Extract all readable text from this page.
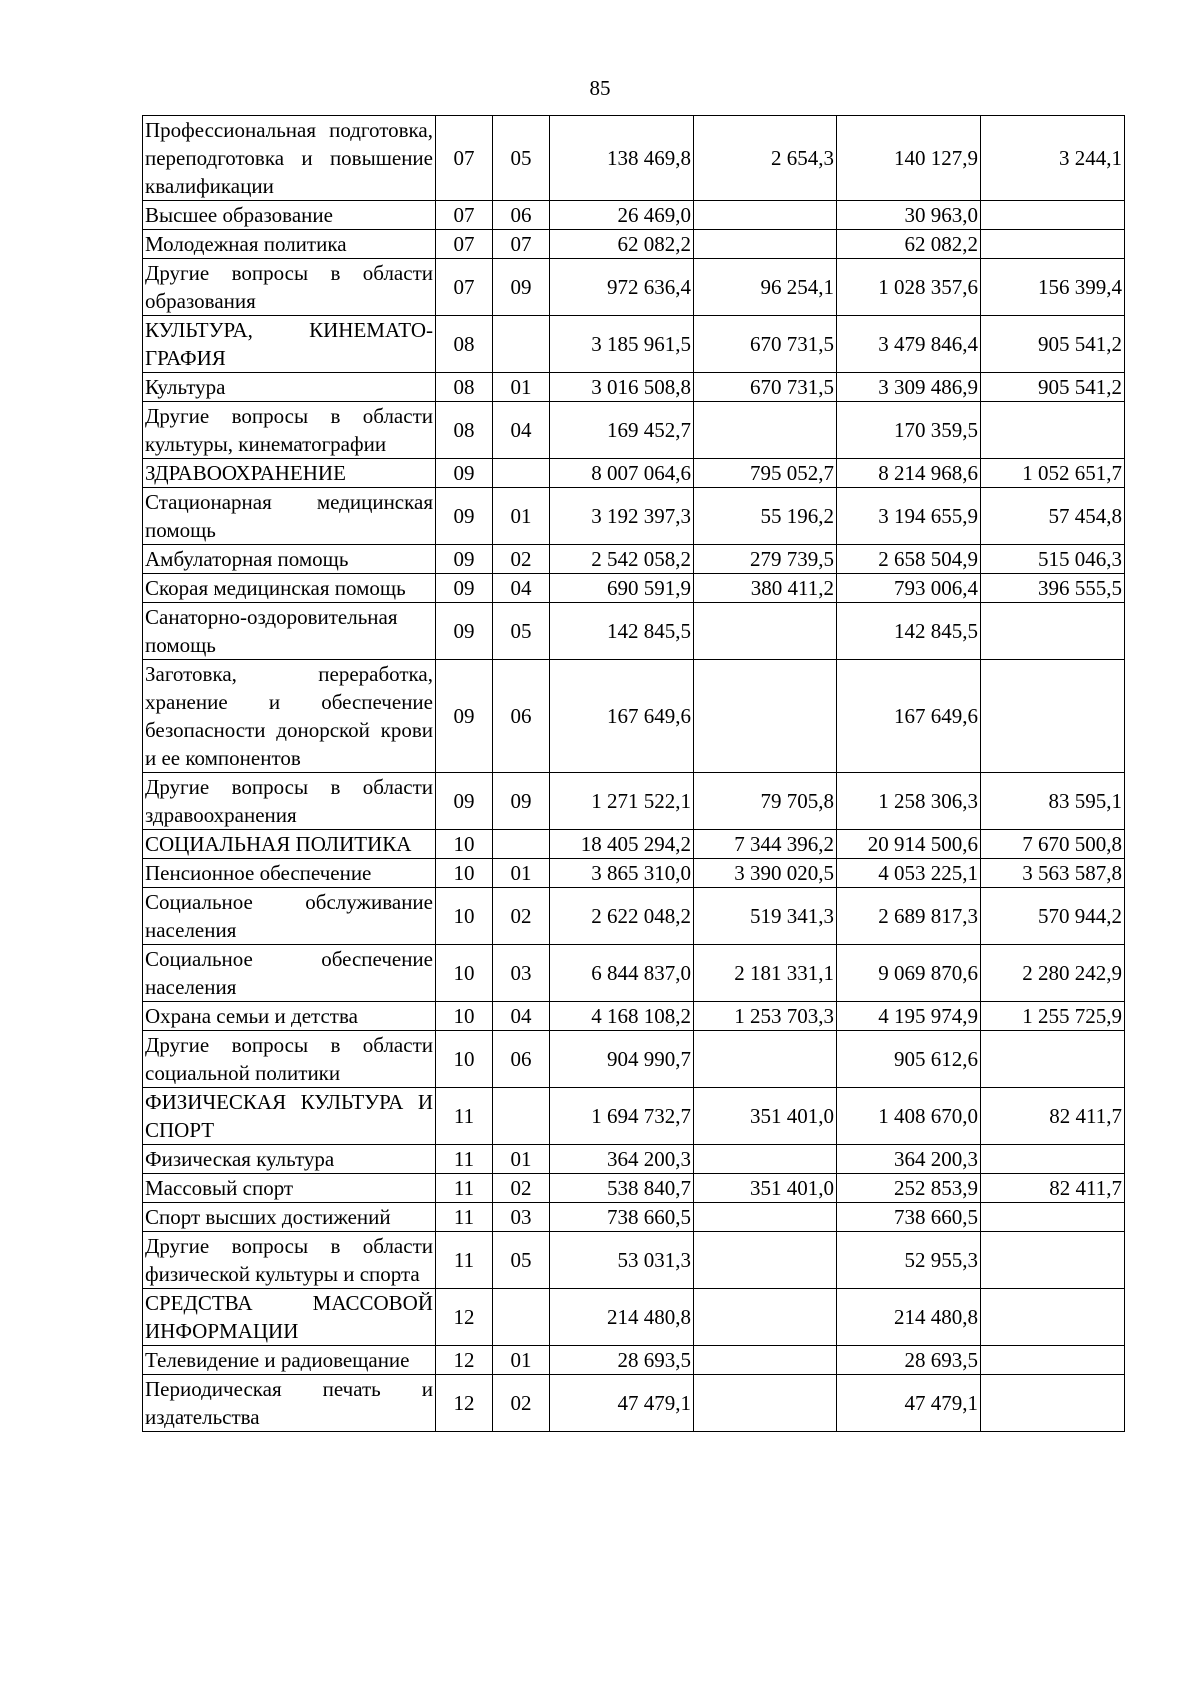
85
Профессиональная подготовка, переподготовка и повышение квалификации	07	05	138 469,8	2 654,3	140 127,9	3 244,1
Высшее образование	07	06	26 469,0		30 963,0	
Молодежная политика	07	07	62 082,2		62 082,2	
Другие вопросы в области образования	07	09	972 636,4	96 254,1	1 028 357,6	156 399,4
КУЛЬТУРА, КИНЕМАТОГРАФИЯ	08		3 185 961,5	670 731,5	3 479 846,4	905 541,2
Культура	08	01	3 016 508,8	670 731,5	3 309 486,9	905 541,2
Другие вопросы в области культуры, кинематографии	08	04	169 452,7		170 359,5	
ЗДРАВООХРАНЕНИЕ	09		8 007 064,6	795 052,7	8 214 968,6	1 052 651,7
Стационарная медицинская помощь	09	01	3 192 397,3	55 196,2	3 194 655,9	57 454,8
Амбулаторная помощь	09	02	2 542 058,2	279 739,5	2 658 504,9	515 046,3
Скорая медицинская помощь	09	04	690 591,9	380 411,2	793 006,4	396 555,5
Санаторно-оздоровительная помощь	09	05	142 845,5		142 845,5	
Заготовка, переработка, хранение и обеспечение безопасности донорской крови и ее компонентов	09	06	167 649,6		167 649,6	
Другие вопросы в области здравоохранения	09	09	1 271 522,1	79 705,8	1 258 306,3	83 595,1
СОЦИАЛЬНАЯ ПОЛИТИКА	10		18 405 294,2	7 344 396,2	20 914 500,6	7 670 500,8
Пенсионное обеспечение	10	01	3 865 310,0	3 390 020,5	4 053 225,1	3 563 587,8
Социальное обслуживание населения	10	02	2 622 048,2	519 341,3	2 689 817,3	570 944,2
Социальное обеспечение населения	10	03	6 844 837,0	2 181 331,1	9 069 870,6	2 280 242,9
Охрана семьи и детства	10	04	4 168 108,2	1 253 703,3	4 195 974,9	1 255 725,9
Другие вопросы в области социальной политики	10	06	904 990,7		905 612,6	
ФИЗИЧЕСКАЯ КУЛЬТУРА И СПОРТ	11		1 694 732,7	351 401,0	1 408 670,0	82 411,7
Физическая культура	11	01	364 200,3		364 200,3	
Массовый спорт	11	02	538 840,7	351 401,0	252 853,9	82 411,7
Спорт высших достижений	11	03	738 660,5		738 660,5	
Другие вопросы в области физической культуры и спорта	11	05	53 031,3		52 955,3	
СРЕДСТВА МАССОВОЙ ИНФОРМАЦИИ	12		214 480,8		214 480,8	
Телевидение и радиовещание	12	01	28 693,5		28 693,5	
Периодическая печать и издательства	12	02	47 479,1		47 479,1	
